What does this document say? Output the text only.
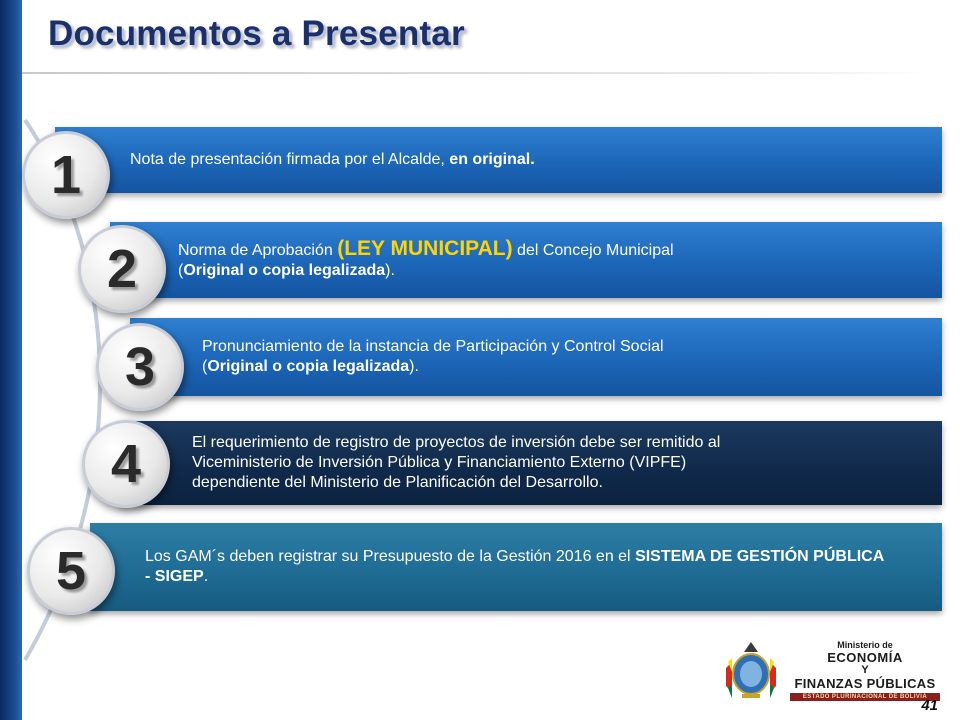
Documentos a Presentar
Nota de presentación firmada por el Alcalde, en original.
Norma de Aprobación (LEY MUNICIPAL) del Concejo Municipal
(Original o copia legalizada).
Pronunciamiento de la instancia de Participación y Control Social
(Original o copia legalizada).
El requerimiento de registro de proyectos de inversión debe ser remitido al
Viceministerio de Inversión Pública y Financiamiento Externo (VIPFE)
dependiente del Ministerio de Planificación del Desarrollo.
Los GAM´s deben registrar su Presupuesto de la Gestión 2016 en el SISTEMA DE GESTIÓN PÚBLICA - SIGEP.
1
2
3
4
5
Ministerio de
ECONOMÍA
Y
FINANZAS PÚBLICAS
ESTADO PLURINACIONAL DE BOLIVIA
41
